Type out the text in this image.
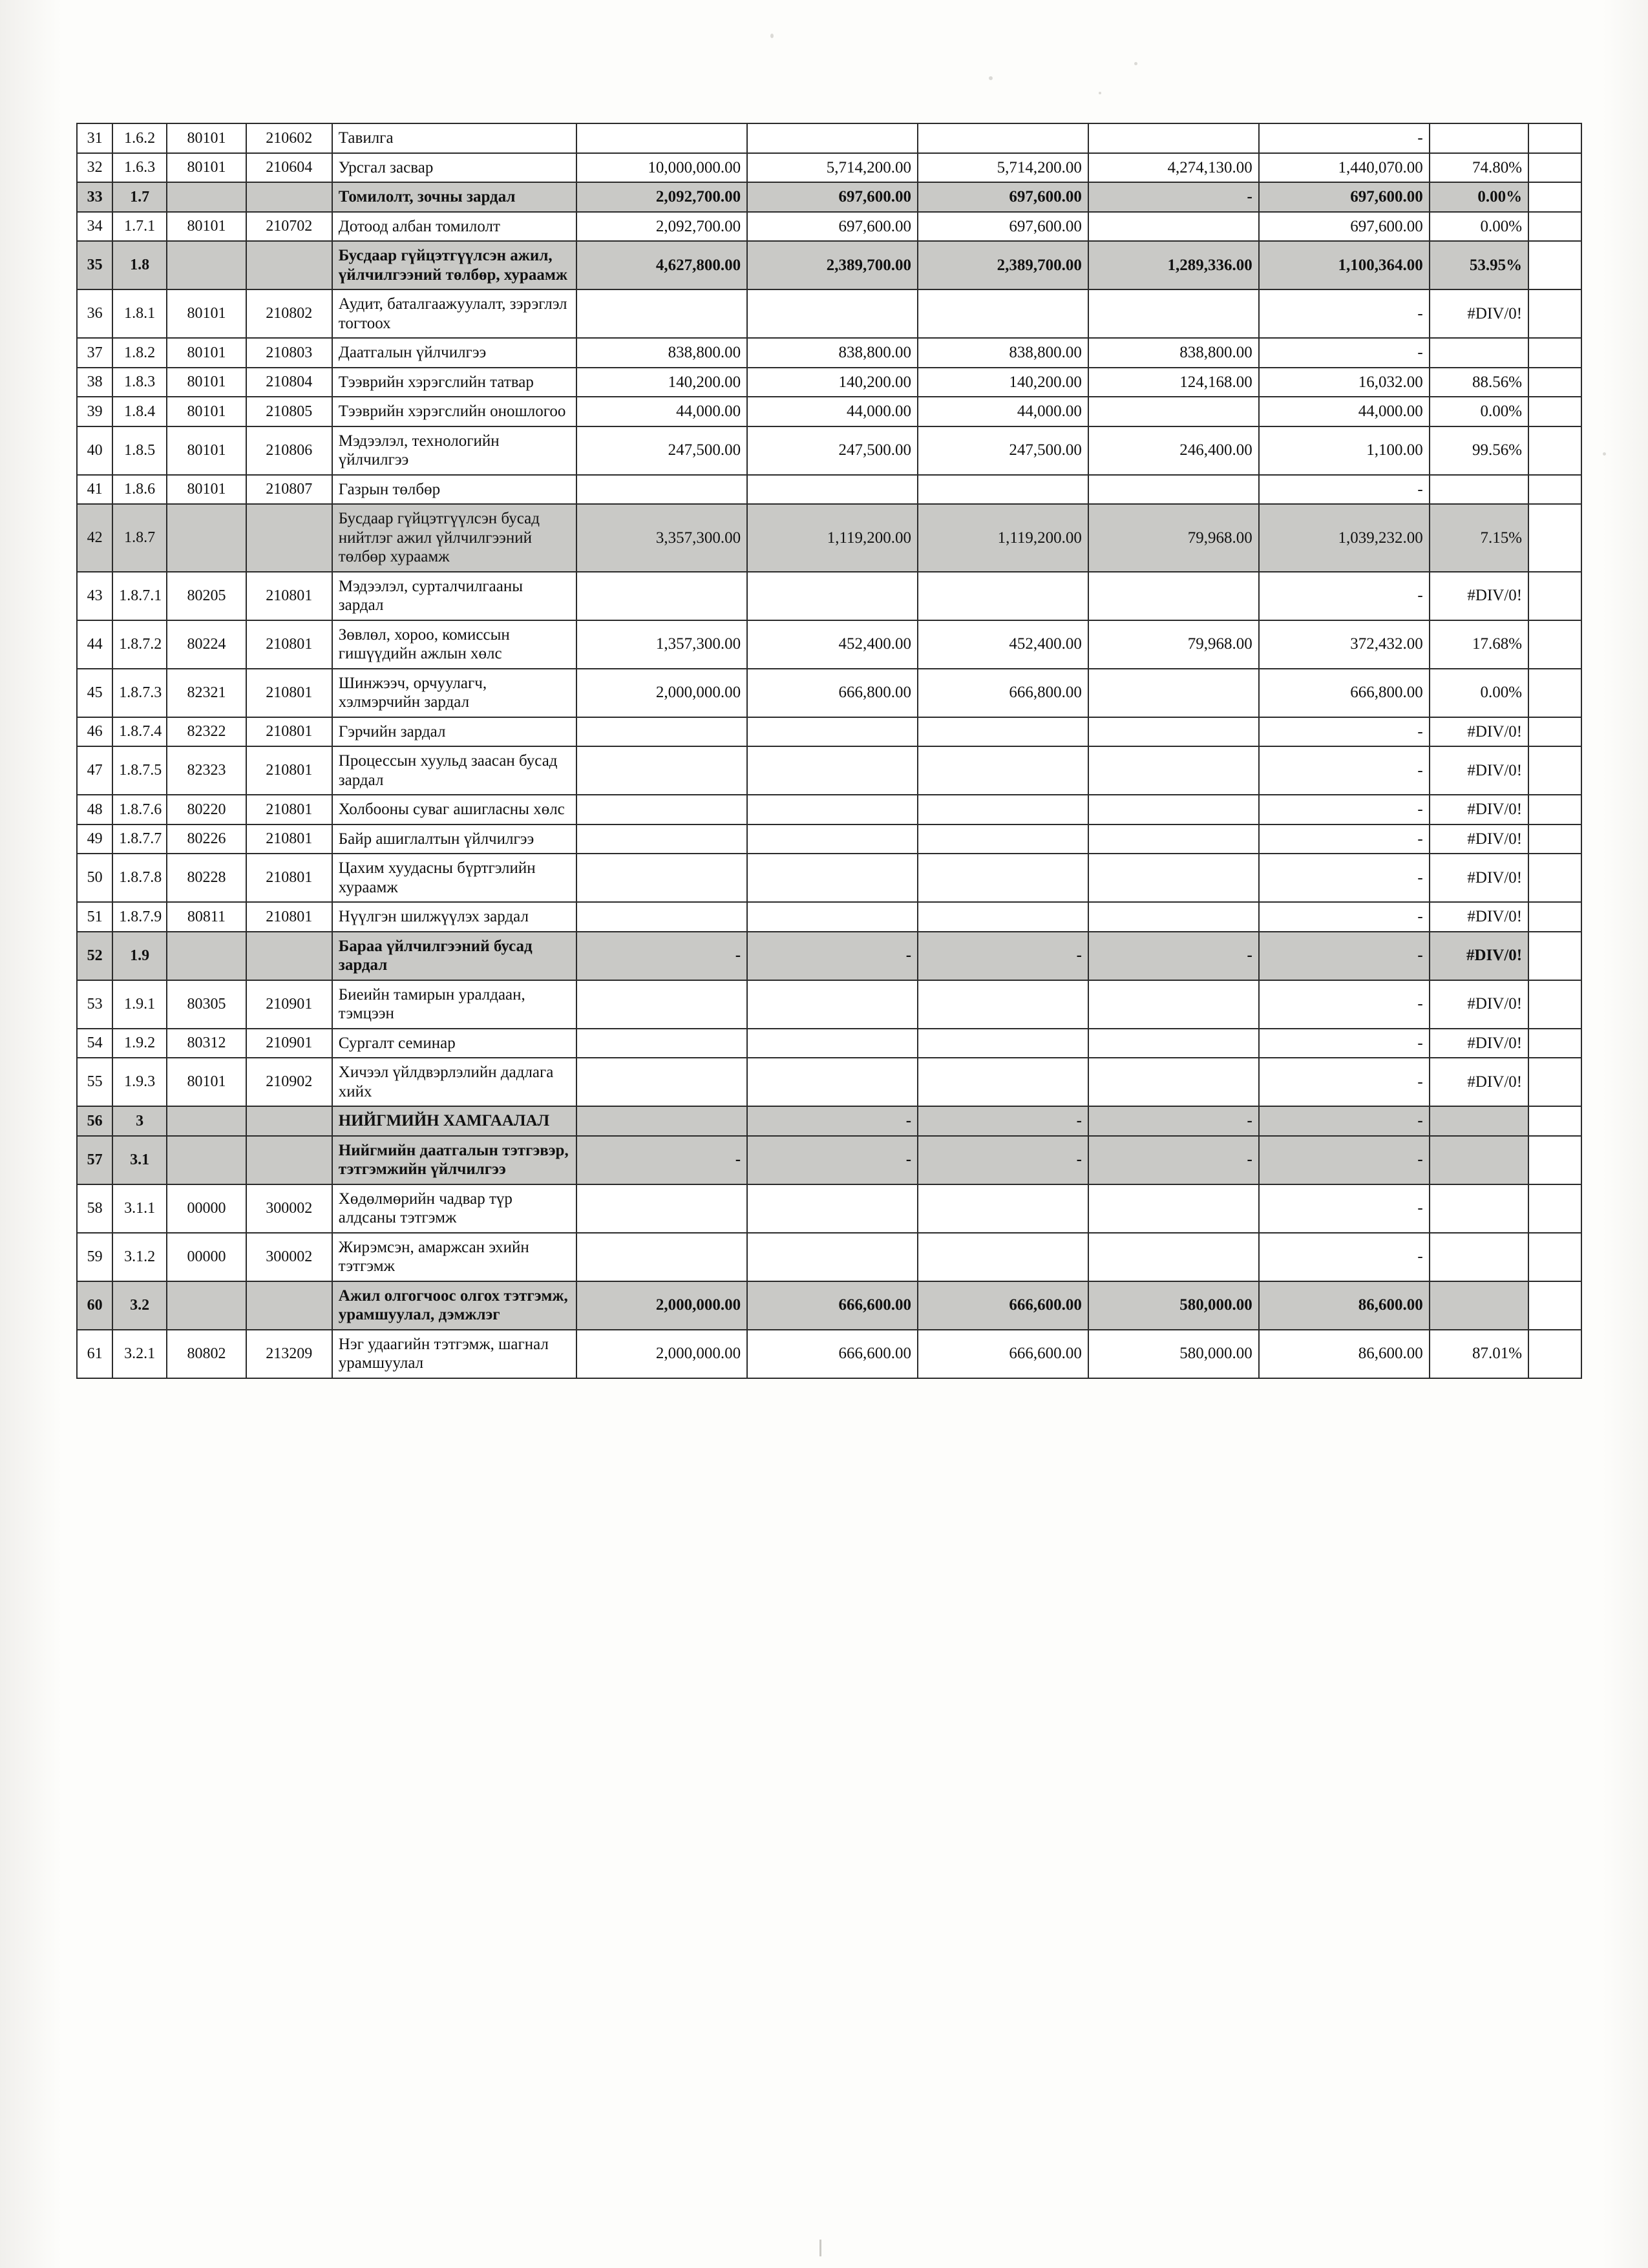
31	1.6.2	80101	210602	Тавилга					-		
32	1.6.3	80101	210604	Урсгал засвар	10,000,000.00	5,714,200.00	5,714,200.00	4,274,130.00	1,440,070.00	74.80%	
33	1.7			Томилолт, зочны зардал	2,092,700.00	697,600.00	697,600.00	-	697,600.00	0.00%	
34	1.7.1	80101	210702	Дотоод албан томилолт	2,092,700.00	697,600.00	697,600.00		697,600.00	0.00%	
35	1.8			Бусдаар гүйцэтгүүлсэн ажил, үйлчилгээний төлбөр, хураамж	4,627,800.00	2,389,700.00	2,389,700.00	1,289,336.00	1,100,364.00	53.95%	
36	1.8.1	80101	210802	Аудит, баталгаажуулалт, зэрэглэл тогтоох					-	#DIV/0!	
37	1.8.2	80101	210803	Даатгалын үйлчилгээ	838,800.00	838,800.00	838,800.00	838,800.00	-		
38	1.8.3	80101	210804	Тээврийн хэрэгслийн татвар	140,200.00	140,200.00	140,200.00	124,168.00	16,032.00	88.56%	
39	1.8.4	80101	210805	Тээврийн хэрэгслийн оношлогоо	44,000.00	44,000.00	44,000.00		44,000.00	0.00%	
40	1.8.5	80101	210806	Мэдээлэл, технологийн үйлчилгээ	247,500.00	247,500.00	247,500.00	246,400.00	1,100.00	99.56%	
41	1.8.6	80101	210807	Газрын төлбөр					-		
42	1.8.7			Бусдаар гүйцэтгүүлсэн бусад нийтлэг ажил үйлчилгээний төлбөр хураамж	3,357,300.00	1,119,200.00	1,119,200.00	79,968.00	1,039,232.00	7.15%	
43	1.8.7.1	80205	210801	Мэдээлэл, сурталчилгааны зардал					-	#DIV/0!	
44	1.8.7.2	80224	210801	Зөвлөл, хороо, комиссын гишүүдийн ажлын хөлс	1,357,300.00	452,400.00	452,400.00	79,968.00	372,432.00	17.68%	
45	1.8.7.3	82321	210801	Шинжээч, орчуулагч, хэлмэрчийн зардал	2,000,000.00	666,800.00	666,800.00		666,800.00	0.00%	
46	1.8.7.4	82322	210801	Гэрчийн зардал					-	#DIV/0!	
47	1.8.7.5	82323	210801	Процессын хуульд заасан бусад зардал					-	#DIV/0!	
48	1.8.7.6	80220	210801	Холбооны суваг ашигласны хөлс					-	#DIV/0!	
49	1.8.7.7	80226	210801	Байр ашиглалтын үйлчилгээ					-	#DIV/0!	
50	1.8.7.8	80228	210801	Цахим хуудасны бүртгэлийн хураамж					-	#DIV/0!	
51	1.8.7.9	80811	210801	Нүүлгэн шилжүүлэх зардал					-	#DIV/0!	
52	1.9			Бараа үйлчилгээний бусад зардал	-	-	-	-	-	#DIV/0!	
53	1.9.1	80305	210901	Биеийн тамирын уралдаан, тэмцээн					-	#DIV/0!	
54	1.9.2	80312	210901	Сургалт семинар					-	#DIV/0!	
55	1.9.3	80101	210902	Хичээл үйлдвэрлэлийн дадлага хийх					-	#DIV/0!	
56	3			НИЙГМИЙН ХАМГААЛАЛ		-	-	-	-		
57	3.1			Нийгмийн даатгалын тэтгэвэр, тэтгэмжийн үйлчилгээ	-	-	-	-	-		
58	3.1.1	00000	300002	Хөдөлмөрийн чадвар түр алдсаны тэтгэмж					-		
59	3.1.2	00000	300002	Жирэмсэн, амаржсан эхийн тэтгэмж					-		
60	3.2			Ажил олгогчоос олгох тэтгэмж, урамшуулал, дэмжлэг	2,000,000.00	666,600.00	666,600.00	580,000.00	86,600.00		
61	3.2.1	80802	213209	Нэг удаагийн тэтгэмж, шагнал урамшуулал	2,000,000.00	666,600.00	666,600.00	580,000.00	86,600.00	87.01%	
